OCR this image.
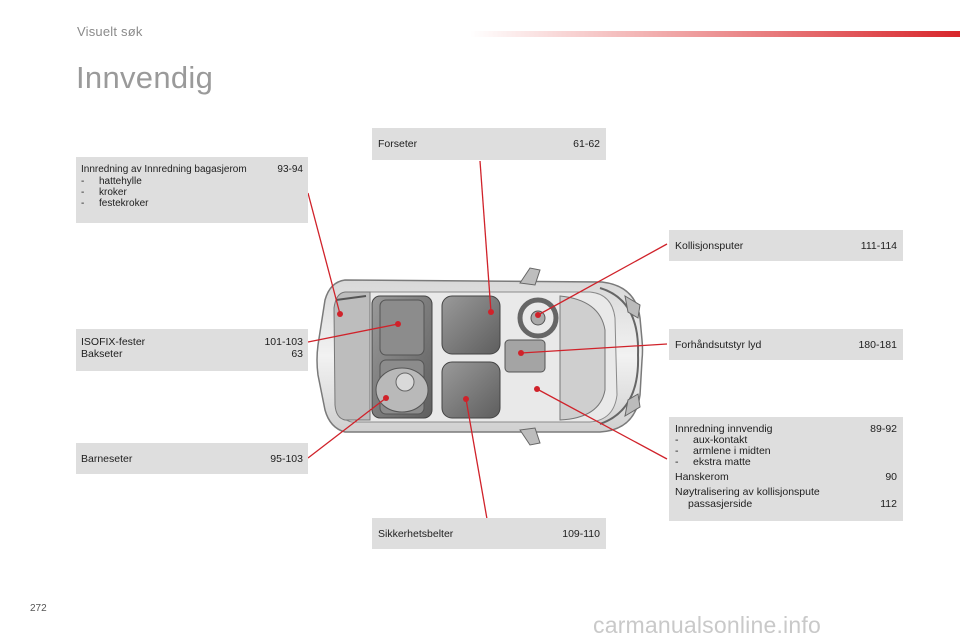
Visuelt søk
Innvendig
Forseter	61-62
Innredning av Innredning bagasjerom	93-94
- hattehylle
- kroker
- festekroker
Kollisjonsputer	111-114
ISOFIX-fester	101-103
Bakseter	63
Forhåndsutstyr lyd	180-181
Innredning innvendig	89-92
- aux-kontakt
- armlene i midten
- ekstra matte
Hanskerom	90
Nøytralisering av kollisjonspute
passasjerside	112
Barneseter	95-103
Sikkerhetsbelter	109-110
272
carmanualsonline.info
